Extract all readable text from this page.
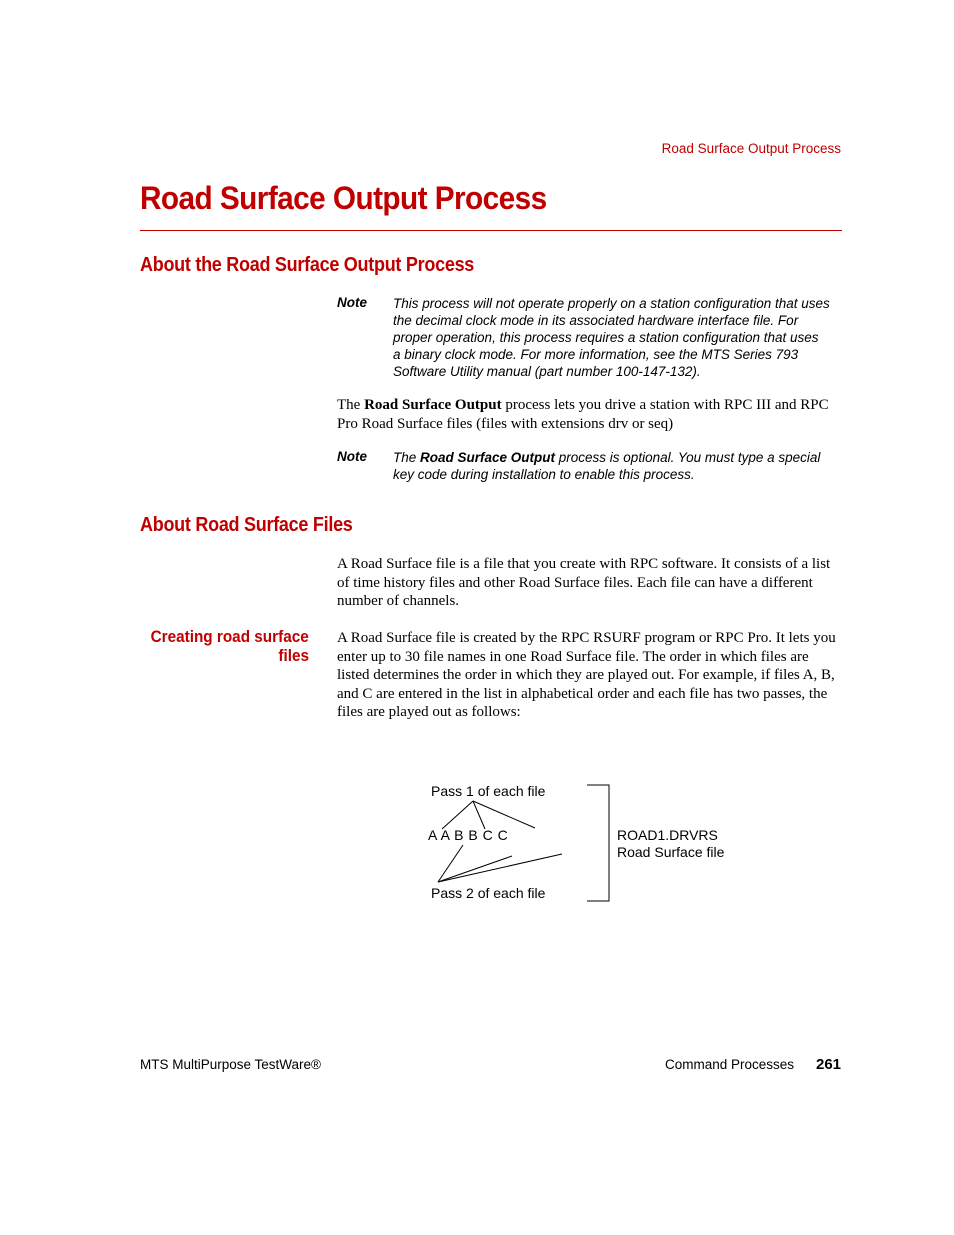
Road Surface Output Process
Road Surface Output Process
About the Road Surface Output Process
Note This process will not operate properly on a station configuration that uses
the decimal clock mode in its associated hardware interface file. For
proper operation, this process requires a station configuration that uses
a binary clock mode. For more information, see the MTS Series 793
Software Utility manual (part number 100-147-132).

The Road Surface Output process lets you drive a station with RPC III and RPC Pro Road Surface files (files with extensions drv or seq)

Note The Road Surface Output process is optional. You must type a special key code during installation to enable this process.
About Road Surface Files

A Road Surface file is a file that you create with RPC software. It consists of a list of time history files and other Road Surface files. Each file can have a different number of channels.

Creating road surface
files

A Road Surface file is created by the RPC RSURF program or RPC Pro. It lets you enter up to 30 file names in one Road Surface file. The order in which files are listed determines the order in which they are played out. For example, if files A, B, and C are entered in the list in alphabetical order and each file has two passes, the files are played out as follows:

Pass 1 of each file
A A B B C C
Pass 2 of each file
ROAD1.DRVRS
Road Surface file
MTS MultiPurpose TestWare®	Command Processes 261
